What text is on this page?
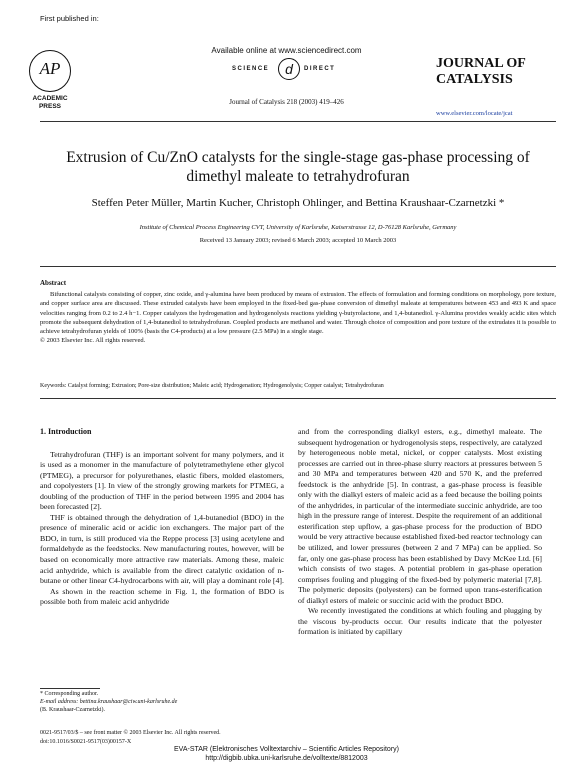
First published in:
AP
ACADEMIC PRESS
Available online at www.sciencedirect.com
SCIENCE	d	DIRECT
Journal of Catalysis 218 (2003) 419–426
JOURNAL OF CATALYSIS
www.elsevier.com/locate/jcat
Extrusion of Cu/ZnO catalysts for the single-stage gas-phase processing of dimethyl maleate to tetrahydrofuran
Steffen Peter Müller, Martin Kucher, Christoph Ohlinger, and Bettina Kraushaar-Czarnetzki *
Institute of Chemical Process Engineering CVT, University of Karlsruhe, Kaiserstrasse 12, D-76128 Karlsruhe, Germany
Received 13 January 2003; revised 6 March 2003; accepted 10 March 2003
Abstract

Bifunctional catalysts consisting of copper, zinc oxide, and γ-alumina have been produced by means of extrusion. The effects of formulation and forming conditions on morphology, pore texture, and copper surface area are discussed. These extruded catalysts have been employed in the fixed-bed gas-phase conversion of dimethyl maleate at temperatures between 453 and 493 K and space velocities ranging from 0.2 to 2.4 h−1. Copper catalyzes the hydrogenation and hydrogenolysis reactions yielding γ-butyrolactone, and 1,4-butanediol. γ-Alumina provides weakly acidic sites which promote the subsequent dehydration of 1,4-butanediol to tetrahydrofuran. Coupled products are methanol and water. Through choice of composition and pore texture of the extrudates it is possible to achieve tetrahydrofuran yields of 100% (basis the C4-products) at a low pressure (2.5 MPa) in a single stage.

© 2003 Elsevier Inc. All rights reserved.

Keywords: Catalyst forming; Extrusion; Pore-size distribution; Maleic acid; Hydrogenation; Hydrogenolysis; Copper catalyst; Tetrahydrofuran
1. Introduction

Tetrahydrofuran (THF) is an important solvent for many polymers, and it is used as a monomer in the manufacture of polytetramethylene ether glycol (PTMEG), a precursor for polyurethanes, elastic fibers, molded elastomers, and copolyesters [1]. In view of the strongly growing markets for PTMEG, a doubling of the production of THF in the period between 1995 and 2004 has been forecasted [2].

THF is obtained through the dehydration of 1,4-butanediol (BDO) in the presence of mineralic acid or acidic ion exchangers. The major part of the BDO, in turn, is still produced via the Reppe process [3] using acetylene and formaldehyde as the feedstocks. New manufacturing routes, however, will be based on economically more attractive raw materials. Among these, maleic acid anhydride, which is available from the direct catalytic oxidation of n-butane or other linear C4-hydrocarbons with air, will play a dominant role [4].

As shown in the reaction scheme in Fig. 1, the formation of BDO is possible both from maleic acid anhydride

and from the corresponding dialkyl esters, e.g., dimethyl maleate. The subsequent hydrogenation or hydrogenolysis steps, respectively, are catalyzed by heterogeneous noble metal, nickel, or copper catalysts. Most existing processes are carried out in three-phase slurry reactors at pressures between 5 and 30 MPa and temperatures between 420 and 570 K, and the preferred feedstock is the anhydride [5]. In contrast, a gas-phase process is feasible only with the dialkyl esters of maleic acid as a feed because the boiling points of the anhydrides, in particular of the intermediate succinic anhydride, are too high in the pressure range of interest. Despite the requirement of an additional esterification step upflow, a gas-phase process for the production of BDO would be very attractive because established fixed-bed reactor technology can be utilized, and lower pressures (between 2 and 7 MPa) can be applied. So far, only one gas-phase process has been established by Davy McKee Ltd. [6] which consists of two stages. A potential problem in gas-phase operation comprises fouling and plugging of the fixed-bed by polymeric material [7,8]. The polymeric deposits (polyesters) can be formed upon trans-esterification of dialkyl esters of maleic or succinic acid with the product BDO.

We recently investigated the conditions at which fouling and plugging by the viscous by-products occur. Our results indicate that the polyester formation is initiated by capillary

* Corresponding author.
E-mail address: bettina.kraushaar@ciw.uni-karlsruhe.de
(B. Kraushaar-Czarnetzki).
0021-9517/03/$ – see front matter © 2003 Elsevier Inc. All rights reserved.
doi:10.1016/S0021-9517(03)00157-X
EVA-STAR (Elektronisches Volltextarchiv – Scientific Articles Repository)
http://digbib.ubka.uni-karlsruhe.de/volltexte/8812003
